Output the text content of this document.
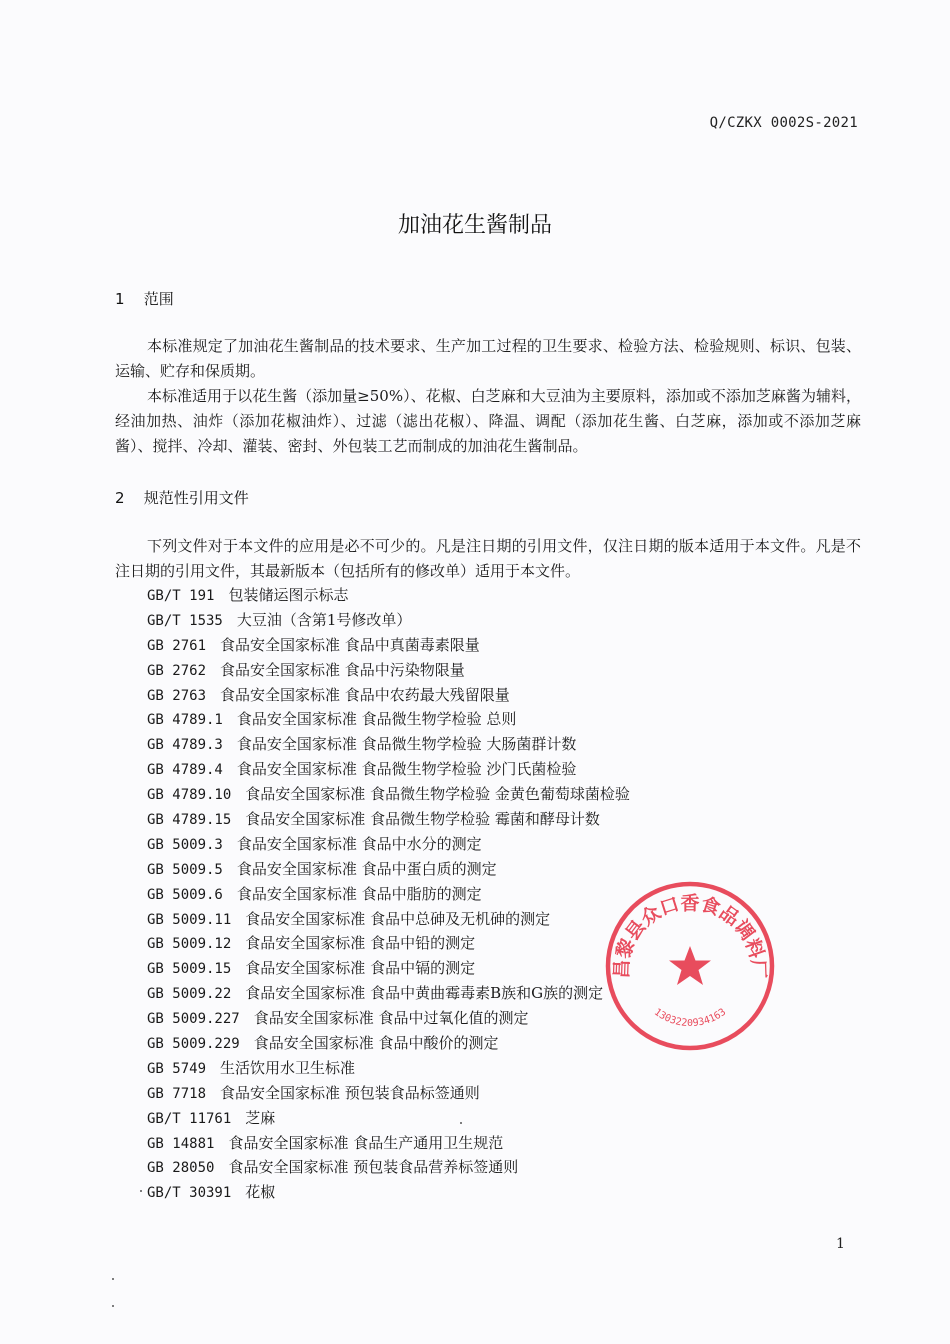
Q/CZKX 0002S-2021
加油花生酱制品
1 范围
本标准规定了加油花生酱制品的技术要求、生产加工过程的卫生要求、检验方法、检验规则、标识、包装、运输、贮存和保质期。
本标准适用于以花生酱（添加量≥50%）、花椒、白芝麻和大豆油为主要原料，添加或不添加芝麻酱为辅料，经油加热、油炸（添加花椒油炸）、过滤（滤出花椒）、降温、调配（添加花生酱、白芝麻，添加或不添加芝麻酱）、搅拌、冷却、灌装、密封、外包装工艺而制成的加油花生酱制品。
2 规范性引用文件
下列文件对于本文件的应用是必不可少的。凡是注日期的引用文件，仅注日期的版本适用于本文件。凡是不注日期的引用文件，其最新版本（包括所有的修改单）适用于本文件。
GB/T 191 包装储运图示标志
GB/T 1535 大豆油（含第1号修改单）
GB 2761 食品安全国家标准 食品中真菌毒素限量
GB 2762 食品安全国家标准 食品中污染物限量
GB 2763 食品安全国家标准 食品中农药最大残留限量
GB 4789.1 食品安全国家标准 食品微生物学检验 总则
GB 4789.3 食品安全国家标准 食品微生物学检验 大肠菌群计数
GB 4789.4 食品安全国家标准 食品微生物学检验 沙门氏菌检验
GB 4789.10 食品安全国家标准 食品微生物学检验 金黄色葡萄球菌检验
GB 4789.15 食品安全国家标准 食品微生物学检验 霉菌和酵母计数
GB 5009.3 食品安全国家标准 食品中水分的测定
GB 5009.5 食品安全国家标准 食品中蛋白质的测定
GB 5009.6 食品安全国家标准 食品中脂肪的测定
GB 5009.11 食品安全国家标准 食品中总砷及无机砷的测定
GB 5009.12 食品安全国家标准 食品中铅的测定
GB 5009.15 食品安全国家标准 食品中镉的测定
GB 5009.22 食品安全国家标准 食品中黄曲霉毒素B族和G族的测定
GB 5009.227 食品安全国家标准 食品中过氧化值的测定
GB 5009.229 食品安全国家标准 食品中酸价的测定
GB 5749 生活饮用水卫生标准
GB 7718 食品安全国家标准 预包装食品标签通则
GB/T 11761 芝麻
GB 14881 食品安全国家标准 食品生产通用卫生规范
GB 28050 食品安全国家标准 预包装食品营养标签通则
GB/T 30391 花椒
昌黎县众口香食品调料厂
1303220934163
1
